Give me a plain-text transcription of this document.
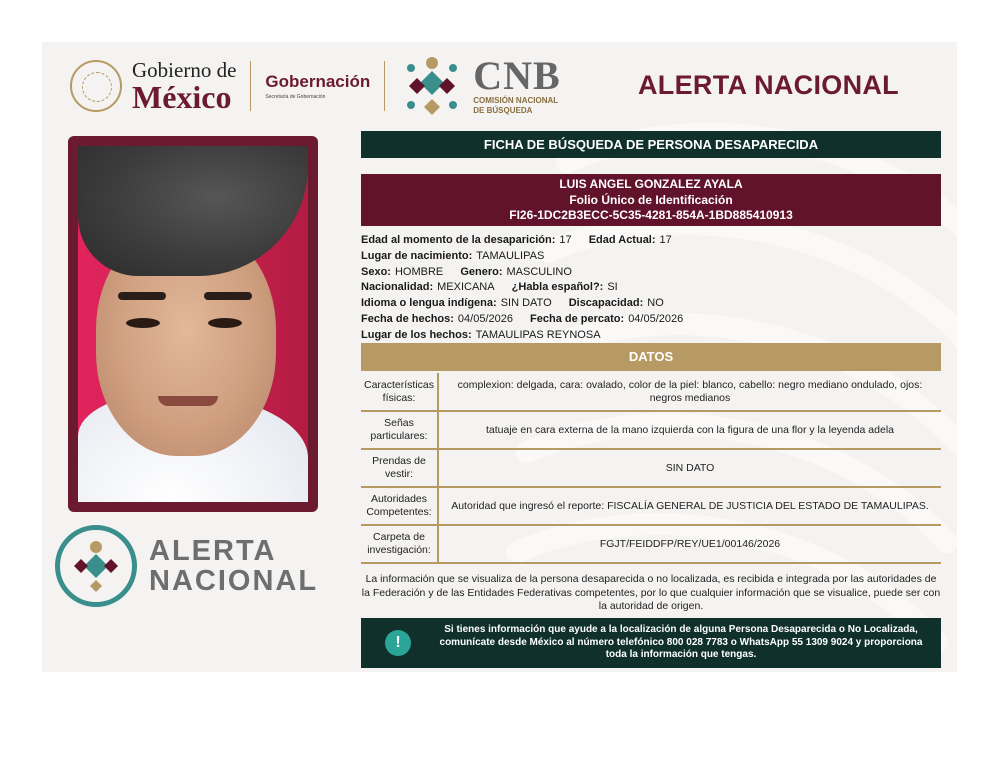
Gobierno de
México Gobernación
Secretaría de Gobernación	CNB
COMISIÓN NACIONAL
DE BÚSQUEDA
ALERTA NACIONAL
ALERTA
NACIONAL
FICHA DE BÚSQUEDA DE PERSONA DESAPARECIDA
LUIS ANGEL GONZALEZ AYALA
Folio Único de Identificación
FI26-1DC2B3ECC-5C35-4281-854A-1BD885410913
Edad al momento de la desaparición: 17 Edad Actual: 17
Lugar de nacimiento: TAMAULIPAS
Sexo: HOMBRE Genero: MASCULINO
Nacionalidad: MEXICANA ¿Habla español?: SI
Idioma o lengua indígena: SIN DATO Discapacidad: NO
Fecha de hechos: 04/05/2026 Fecha de percato: 04/05/2026
Lugar de los hechos: TAMAULIPAS REYNOSA
DATOS
Características físicas:		complexion: delgada, cara: ovalado, color de la piel: blanco, cabello: negro mediano ondulado, ojos: negros medianos
Señas particulares:		tatuaje en cara externa de la mano izquierda con la figura de una flor y la leyenda adela
Prendas de vestir:		SIN DATO
Autoridades Competentes:		Autoridad que ingresó el reporte: FISCALÍA GENERAL DE JUSTICIA DEL ESTADO DE TAMAULIPAS.
Carpeta de investigación:		FGJT/FEIDDFP/REY/UE1/00146/2026
La información que se visualiza de la persona desaparecida o no localizada, es recibida e integrada por las autoridades de la Federación y de las Entidades Federativas competentes, por lo que cualquier información que se visualice, puede ser con la autoridad de origen.
!
Si tienes información que ayude a la localización de alguna Persona Desaparecida o No Localizada, comunícate desde México al número telefónico 800 028 7783 o WhatsApp 55 1309 9024 y proporciona toda la información que tengas.
